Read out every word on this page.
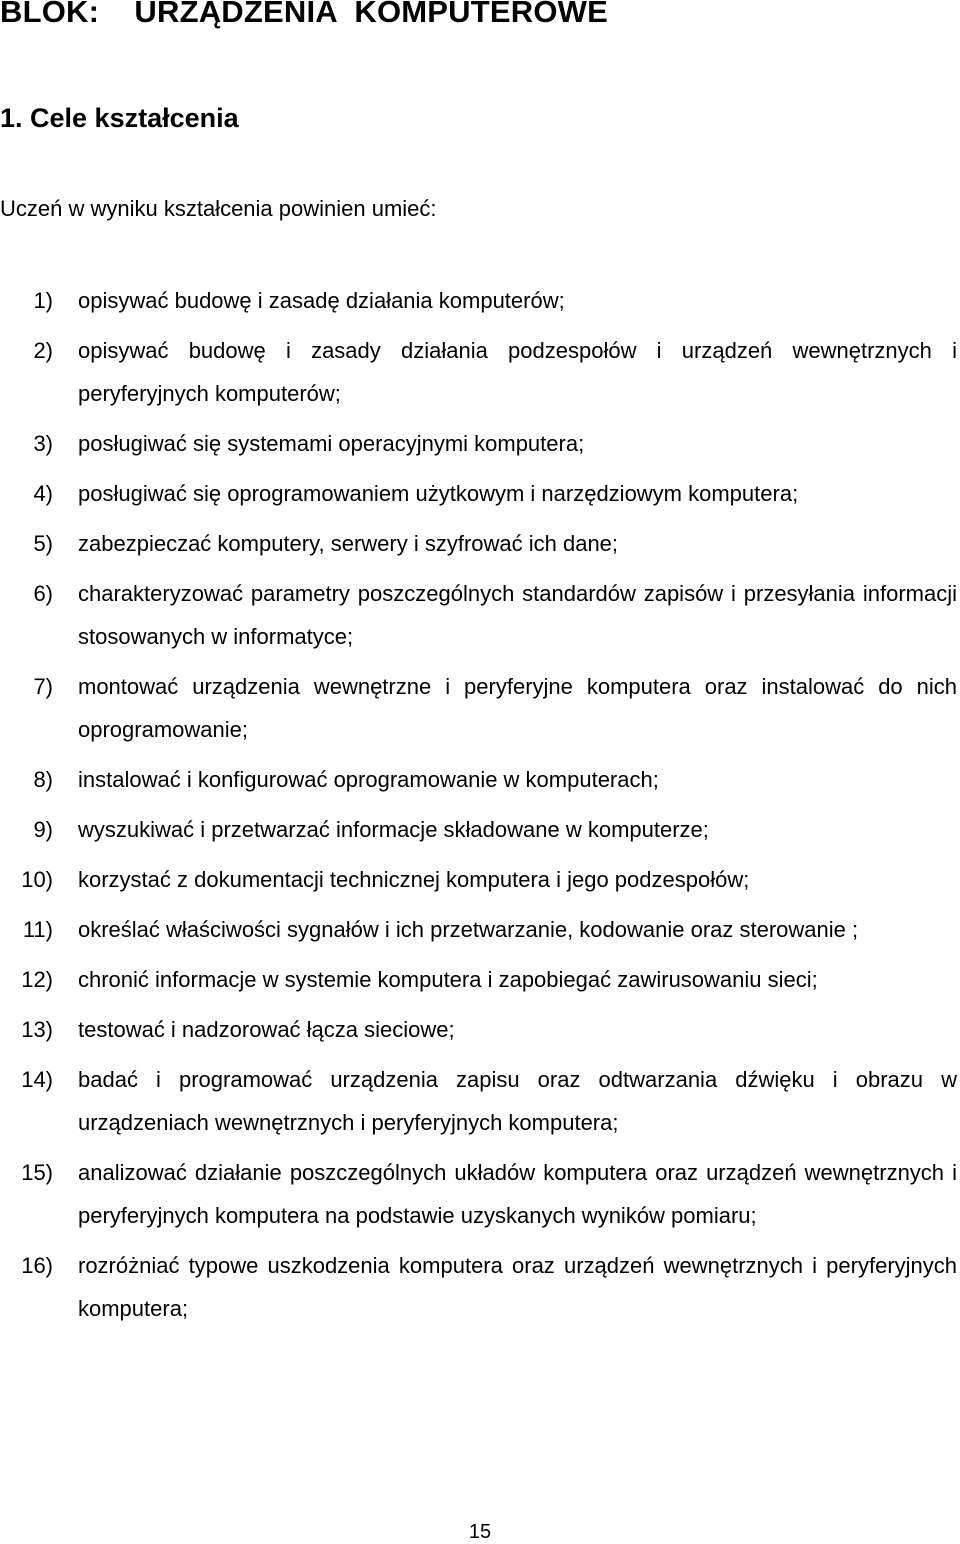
BLOK:    URZĄDZENIA  KOMPUTEROWE
1. Cele kształcenia

Uczeń w wyniku kształcenia powinien umieć:

1)	opisywać budowę i zasadę działania komputerów;
2)	opisywać budowę i zasady działania podzespołów i urządzeń wewnętrznych i peryferyjnych komputerów;
3)	posługiwać się systemami operacyjnymi komputera;
4)	posługiwać się oprogramowaniem użytkowym i narzędziowym komputera;
5)	zabezpieczać komputery, serwery i szyfrować ich dane;
6)	charakteryzować parametry poszczególnych standardów zapisów i przesyłania informacji stosowanych w informatyce;
7)	montować urządzenia wewnętrzne i peryferyjne komputera oraz instalować do nich oprogramowanie;
8)	instalować i konfigurować oprogramowanie w komputerach;
9)	wyszukiwać i przetwarzać informacje składowane w komputerze;
10)	korzystać z dokumentacji technicznej komputera i jego podzespołów;
11)	określać właściwości sygnałów i ich przetwarzanie, kodowanie oraz sterowanie ;
12)	chronić informacje w systemie komputera i zapobiegać zawirusowaniu sieci;
13)	testować i nadzorować łącza sieciowe;
14)	badać i programować urządzenia zapisu oraz odtwarzania dźwięku i obrazu w urządzeniach wewnętrznych i peryferyjnych komputera;
15)	analizować działanie poszczególnych układów komputera oraz urządzeń wewnętrznych i peryferyjnych komputera na podstawie uzyskanych wyników pomiaru;
16)	rozróżniać typowe uszkodzenia komputera oraz urządzeń wewnętrznych i peryferyjnych komputera;
15
